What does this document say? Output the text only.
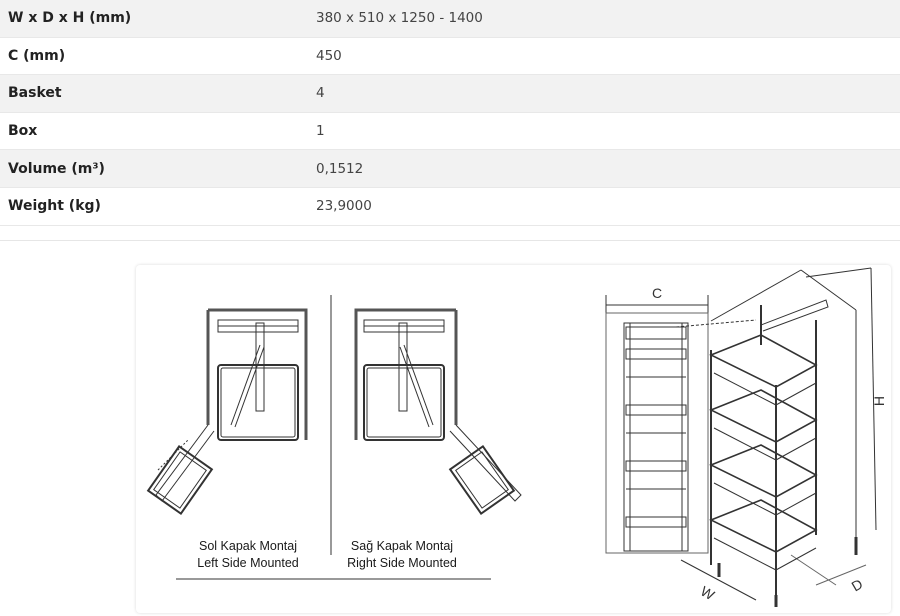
W x D x H (mm)	380 x 510 x 1250 - 1400
C (mm)	450
Basket	4
Box	1
Volume (m³)	0,1512
Weight (kg)	23,9000
Sol Kapak Montaj
Left Side Mounted
Sağ Kapak Montaj
Right Side Mounted
C
H
W	D
